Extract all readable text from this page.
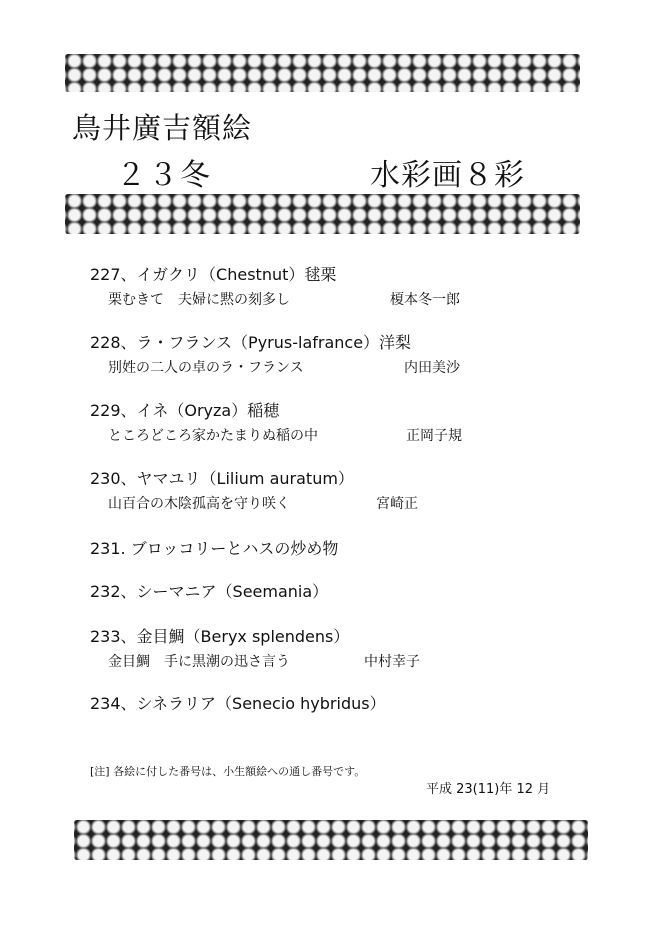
鳥井廣吉額絵
２３冬	水彩画８彩
227、イガクリ（Chestnut）毬栗
栗むきて　夫婦に黙の刻多し	榎本冬一郎
228、ラ・フランス（Pyrus-lafrance）洋梨
別姓の二人の卓のラ・フランス	内田美沙
229、イネ（Oryza）稲穂
ところどころ家かたまりぬ稲の中	正岡子規
230、ヤマユリ（Lilium auratum）
山百合の木陰孤高を守り咲く	宮崎正
231. ブロッコリーとハスの炒め物
232、シーマニア（Seemania）
233、金目鯛（Beryx splendens）
金目鯛　手に黒潮の迅さ言う	中村幸子
234、シネラリア（Senecio hybridus）
[注] 各絵に付した番号は、小生額絵への通し番号です。
平成 23(11)年 12 月
